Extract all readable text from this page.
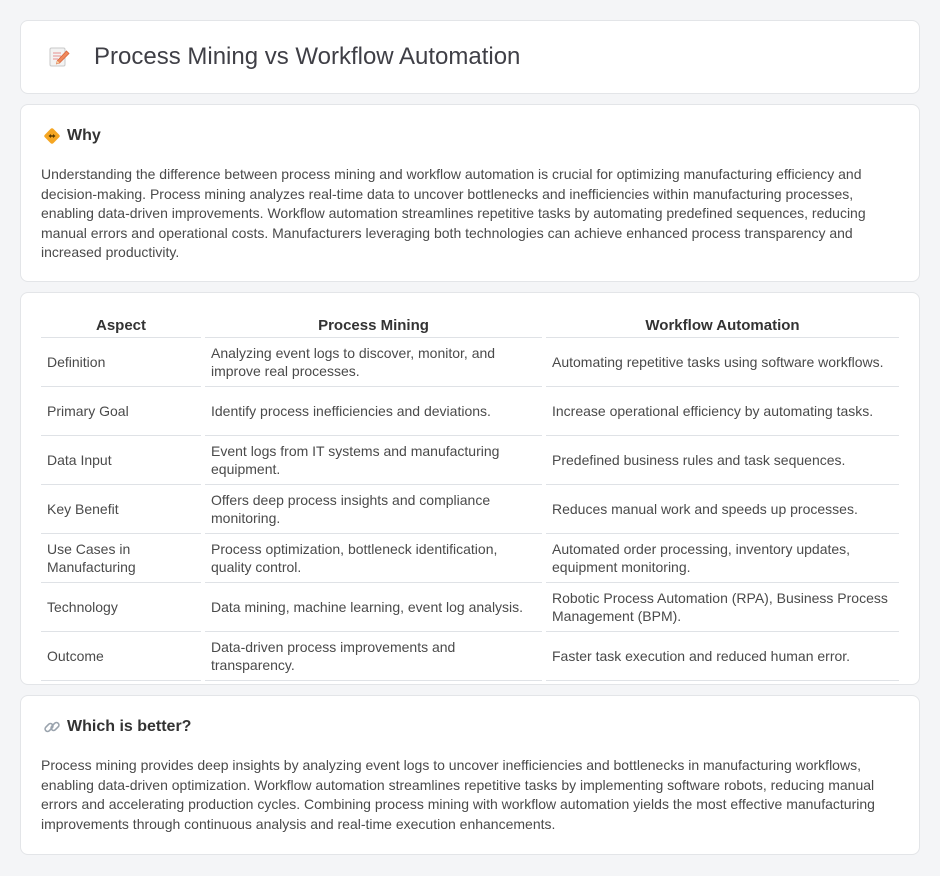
Process Mining vs Workflow Automation
Why

Understanding the difference between process mining and workflow automation is crucial for optimizing manufacturing efficiency and decision-making. Process mining analyzes real-time data to uncover bottlenecks and inefficiencies within manufacturing processes, enabling data-driven improvements. Workflow automation streamlines repetitive tasks by automating predefined sequences, reducing manual errors and operational costs. Manufacturers leveraging both technologies can achieve enhanced process transparency and increased productivity.

Aspect	Process Mining	Workflow Automation
Definition	Analyzing event logs to discover, monitor, and improve real processes.	Automating repetitive tasks using software workflows.
Primary Goal	Identify process inefficiencies and deviations.	Increase operational efficiency by automating tasks.
Data Input	Event logs from IT systems and manufacturing equipment.	Predefined business rules and task sequences.
Key Benefit	Offers deep process insights and compliance monitoring.	Reduces manual work and speeds up processes.
Use Cases in Manufacturing	Process optimization, bottleneck identification, quality control.	Automated order processing, inventory updates, equipment monitoring.
Technology	Data mining, machine learning, event log analysis.	Robotic Process Automation (RPA), Business Process Management (BPM).
Outcome	Data-driven process improvements and transparency.	Faster task execution and reduced human error.
Which is better?

Process mining provides deep insights by analyzing event logs to uncover inefficiencies and bottlenecks in manufacturing workflows, enabling data-driven optimization. Workflow automation streamlines repetitive tasks by implementing software robots, reducing manual errors and accelerating production cycles. Combining process mining with workflow automation yields the most effective manufacturing improvements through continuous analysis and real-time execution enhancements.
